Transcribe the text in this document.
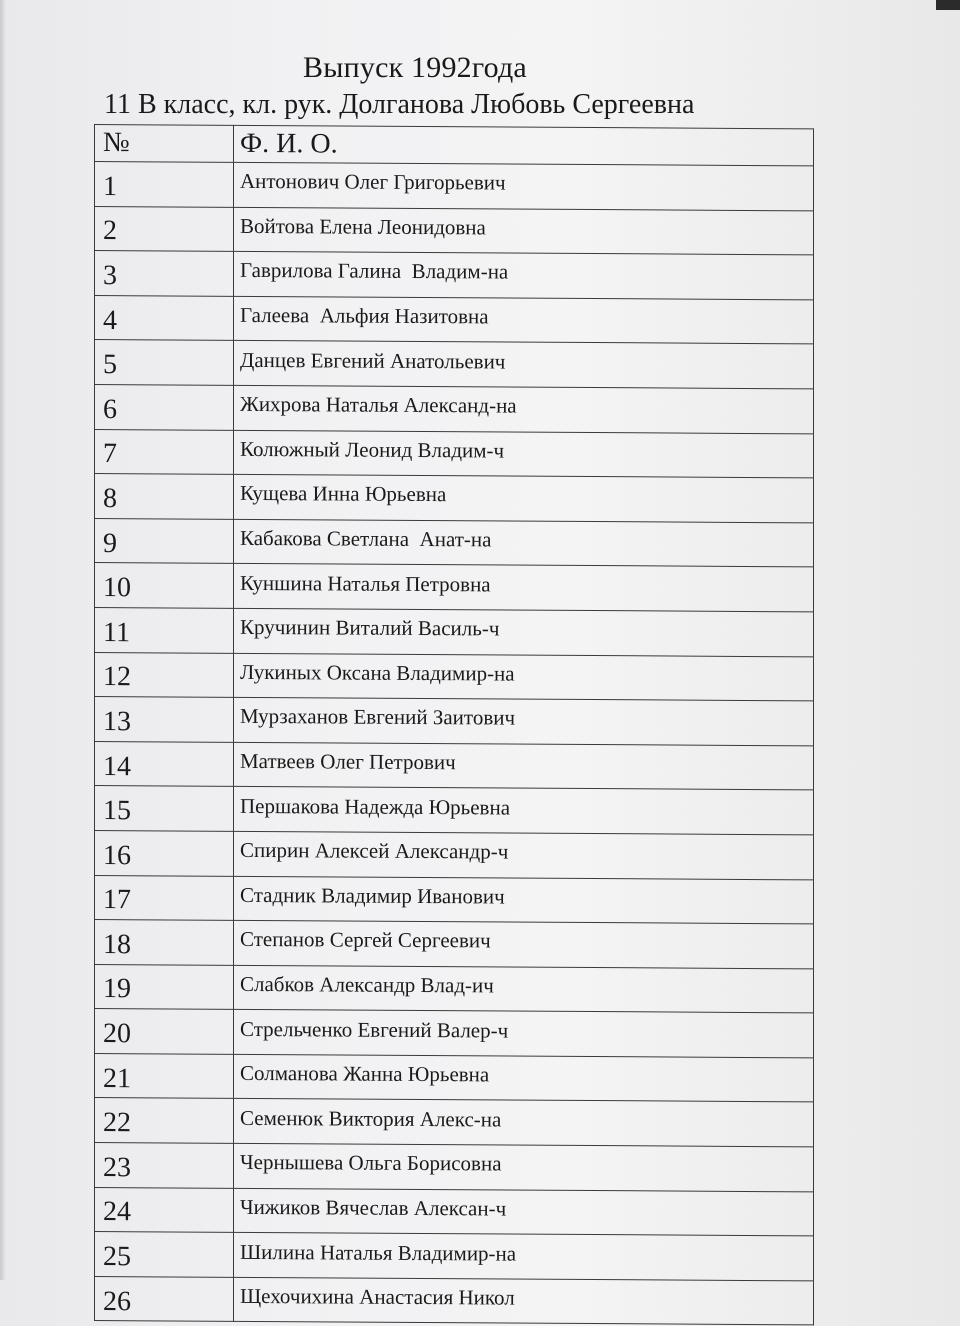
Выпуск 1992года
11 В класс, кл. рук. Долганова Любовь Сергеевна
№	Ф. И. О.
1	Антонович Олег Григорьевич
2	Войтова Елена Леонидовна
3	Гаврилова Галина  Владим-на
4	Галеева  Альфия Назитовна
5	Данцев Евгений Анатольевич
6	Жихрова Наталья Александ-на
7	Колюжный Леонид Владим-ч
8	Кущева Инна Юрьевна
9	Кабакова Светлана  Анат-на
10	Куншина Наталья Петровна
11	Кручинин Виталий Василь-ч
12	Лукиных Оксана Владимир-на
13	Мурзаханов Евгений Заитович
14	Матвеев Олег Петрович
15	Першакова Надежда Юрьевна
16	Спирин Алексей Александр-ч
17	Стадник Владимир Иванович
18	Степанов Сергей Сергеевич
19	Слабков Александр Влад-ич
20	Стрельченко Евгений Валер-ч
21	Солманова Жанна Юрьевна
22	Семенюк Виктория Алекс-на
23	Чернышева Ольга Борисовна
24	Чижиков Вячеслав Алексан-ч
25	Шилина Наталья Владимир-на
26	Щехочихина Анастасия Никол
